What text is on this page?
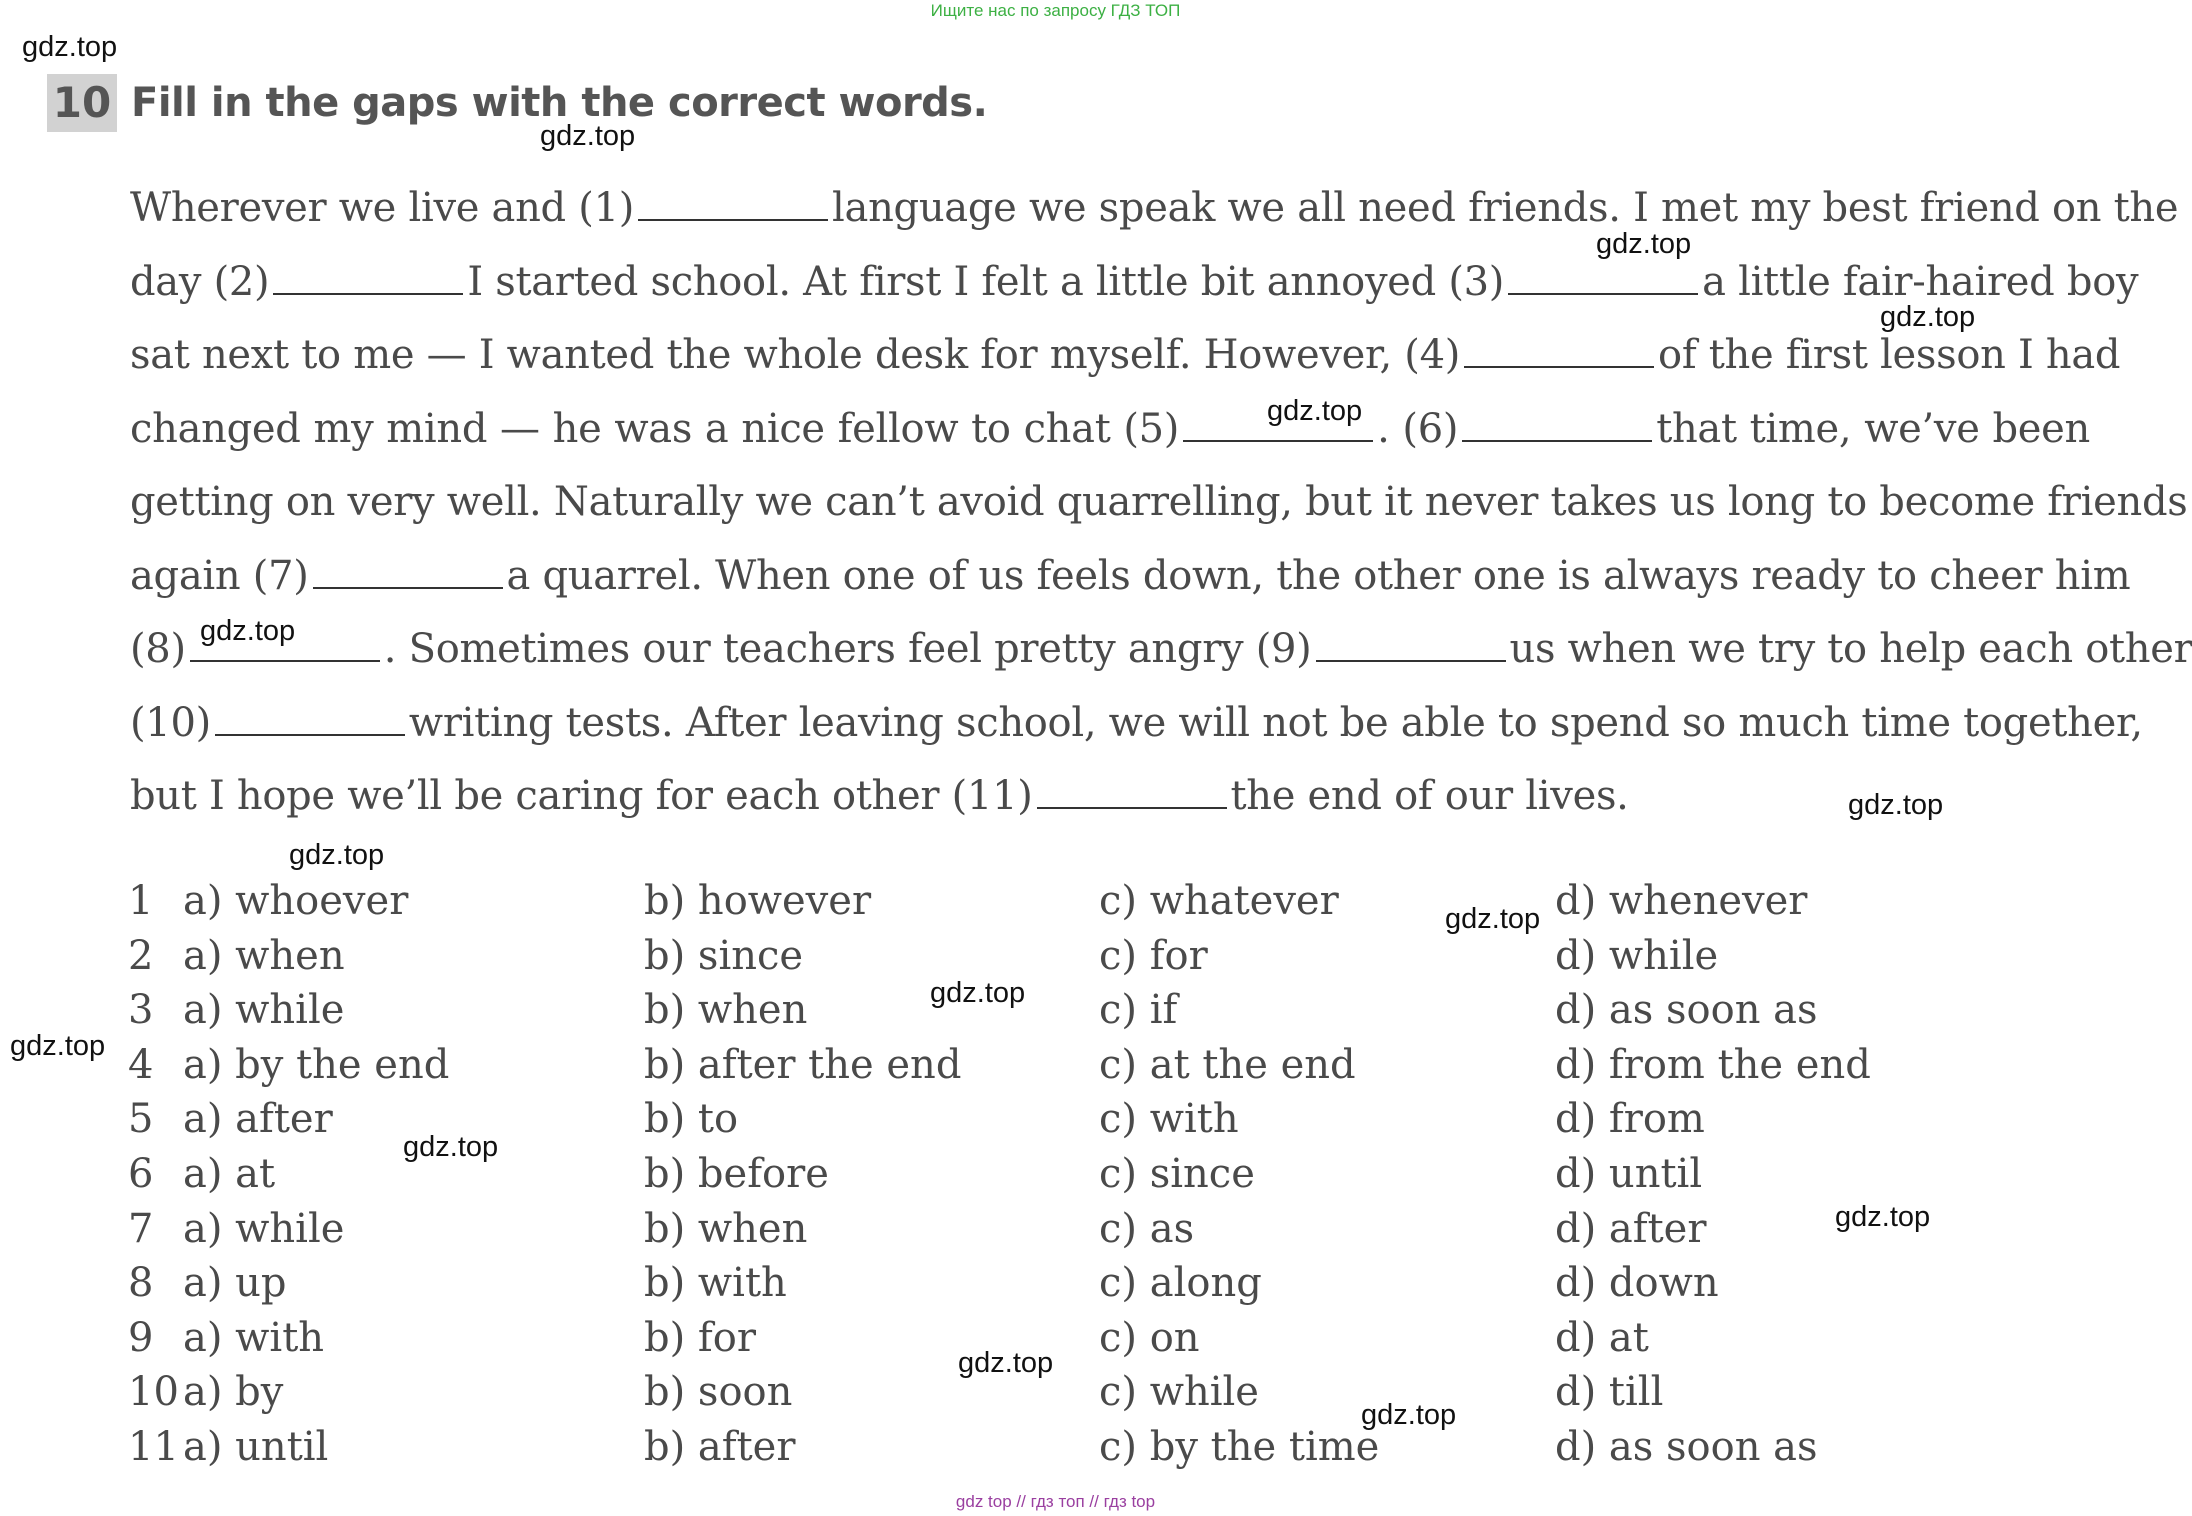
Ищите нас по запросу ГДЗ ТОП
10 Fill in the gaps with the correct words.
Wherever we live and (1)	language we speak we all need friends. I met my best friend on the
day (2)	I started school. At first I felt a little bit annoyed (3)	a little fair-haired boy
sat next to me — I wanted the whole desk for myself. However, (4)	of the first lesson I had
changed my mind — he was a nice fellow to chat (5)	. (6)	that time, we’ve been
getting on very well. Naturally we can’t avoid quarrelling, but it never takes us long to become friends
again (7)	a quarrel. When one of us feels down, the other one is always ready to cheer him
(8)	. Sometimes our teachers feel pretty angry (9)	us when we try to help each other
(10)	writing tests. After leaving school, we will not be able to spend so much time together,
but I hope we’ll be caring for each other (11)	the end of our lives.
1 a) whoever	b) however	c) whatever	d) whenever
2 a) when	b) since	c) for	d) while
3 a) while	b) when	c) if	d) as soon as
4 a) by the end	b) after the end	c) at the end	d) from the end
5 a) after	b) to	c) with	d) from
6 a) at	b) before	c) since	d) until
7 a) while	b) when	c) as	d) after
8 a) up	b) with	c) along	d) down
9 a) with	b) for	c) on	d) at
10 a) by	b) soon	c) while	d) till
11 a) until	b) after	c) by the time	d) as soon as
gdz top // гдз топ // гдз top
gdz.top
gdz.top
gdz.top
gdz.top
gdz.top
gdz.top
gdz.top
gdz.top
gdz.top
gdz.top
gdz.top
gdz.top
gdz.top
gdz.top
gdz.top
